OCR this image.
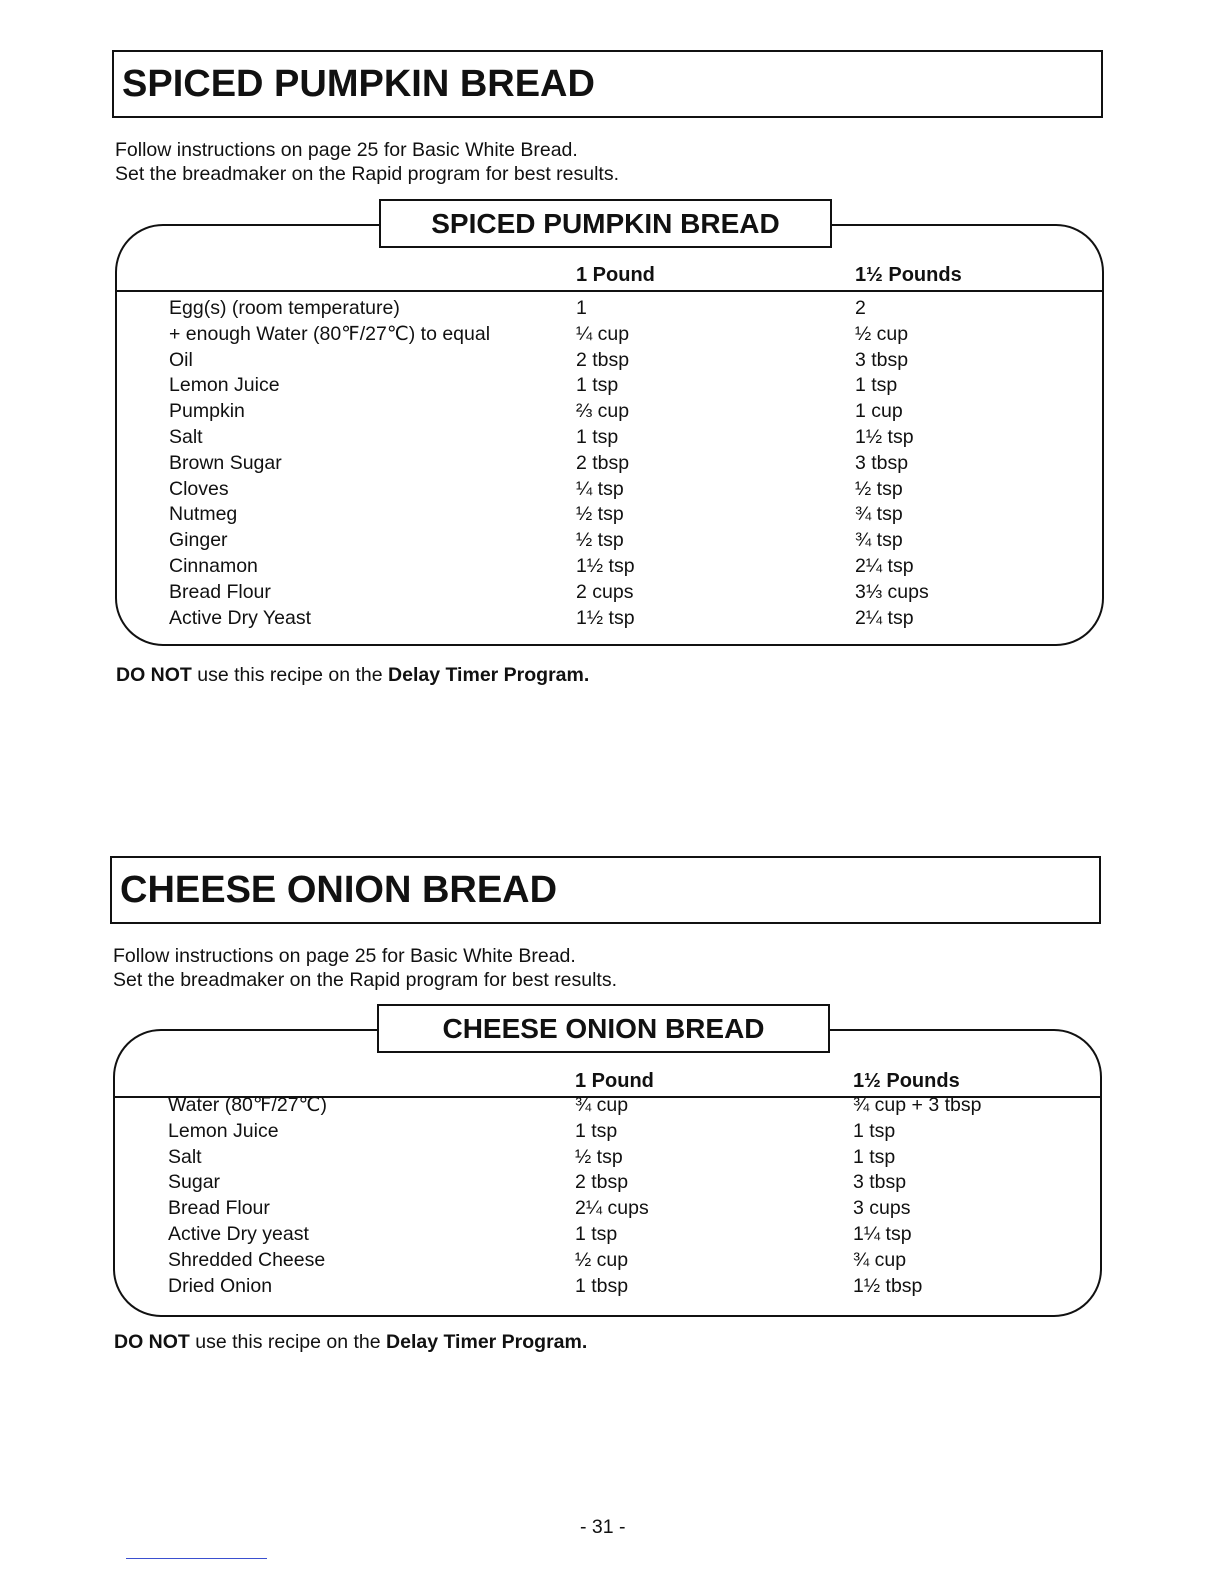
SPICED PUMPKIN BREAD
Follow instructions on page 25 for Basic White Bread.
Set the breadmaker on the Rapid program for best results.
SPICED PUMPKIN BREAD
1 Pound	1½ Pounds
Egg(s) (room temperature)	1	2
+ enough Water (80℉/27℃) to equal	¼ cup	½ cup
Oil	2 tbsp	3 tbsp
Lemon Juice	1 tsp	1 tsp
Pumpkin	⅔ cup	1 cup
Salt	1 tsp	1½ tsp
Brown Sugar	2 tbsp	3 tbsp
Cloves	¼ tsp	½ tsp
Nutmeg	½ tsp	¾ tsp
Ginger	½ tsp	¾ tsp
Cinnamon	1½ tsp	2¼ tsp
Bread Flour	2 cups	3⅓ cups
Active Dry Yeast	1½ tsp	2¼ tsp
DO NOT use this recipe on the Delay Timer Program.
CHEESE ONION BREAD
Follow instructions on page 25 for Basic White Bread.
Set the breadmaker on the Rapid program for best results.
CHEESE ONION BREAD
1 Pound	1½ Pounds
Water (80℉/27℃)	¾ cup	¾ cup + 3 tbsp
Lemon Juice	1 tsp	1 tsp
Salt	½ tsp	1 tsp
Sugar	2 tbsp	3 tbsp
Bread Flour	2¼ cups	3 cups
Active Dry yeast	1 tsp	1¼ tsp
Shredded Cheese	½ cup	¾ cup
Dried Onion	1 tbsp	1½ tbsp
DO NOT use this recipe on the Delay Timer Program.
- 31 -
